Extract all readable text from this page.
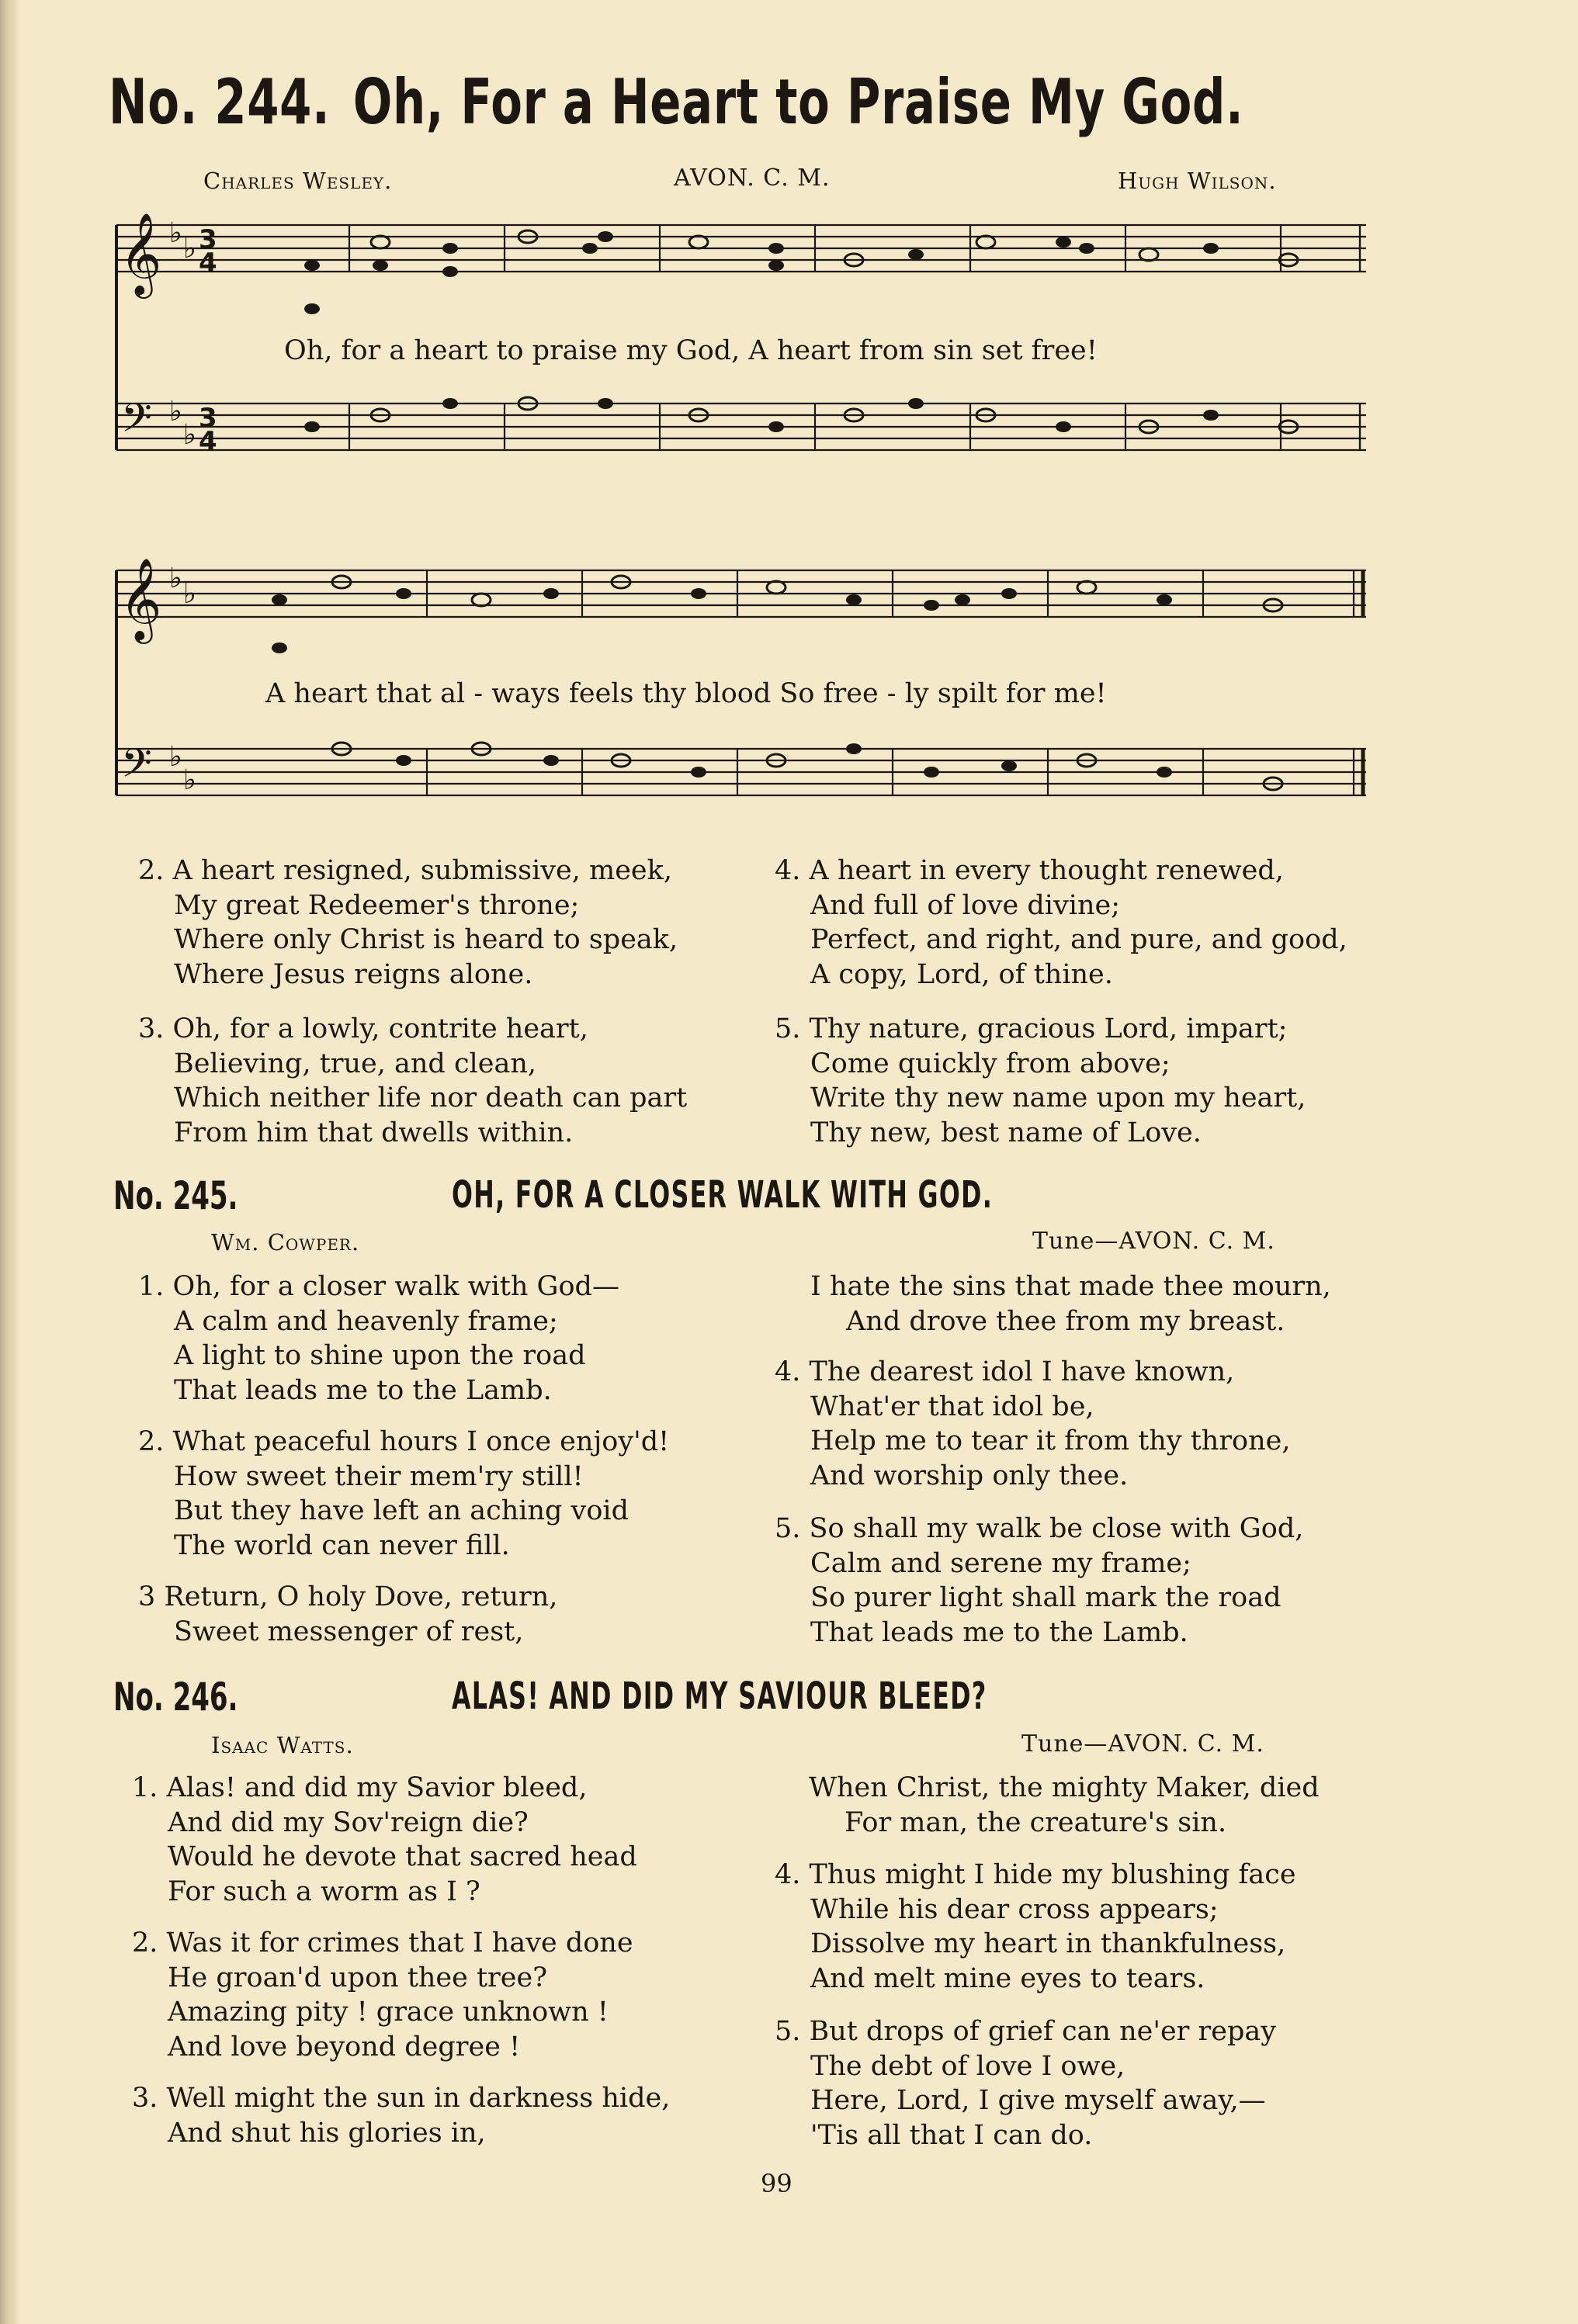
No. 244. Oh, For a Heart to Praise My God.
Charles Wesley.	AVON. C. M.	Hugh Wilson.
𝄞
𝄢
♭ ♭
♭
♭
3
4
3
4
Oh, for a heart to praise my God, A heart from sin set free!
𝄞
𝄢
♭ ♭
♭
♭
A heart that al - ways feels thy blood So free - ly spilt for me!
2. A heart resigned, submissive, meek,
My great Redeemer's throne;
Where only Christ is heard to speak,
Where Jesus reigns alone.
3. Oh, for a lowly, contrite heart,
Believing, true, and clean,
Which neither life nor death can part
From him that dwells within.
4. A heart in every thought renewed,
And full of love divine;
Perfect, and right, and pure, and good,
A copy, Lord, of thine.
5. Thy nature, gracious Lord, impart;
Come quickly from above;
Write thy new name upon my heart,
Thy new, best name of Love.
No. 245.	OH, FOR A CLOSER WALK WITH GOD.
Wm. Cowper.	Tune—AVON. C. M.
1. Oh, for a closer walk with God—
A calm and heavenly frame;
A light to shine upon the road
That leads me to the Lamb.
2. What peaceful hours I once enjoy'd!
How sweet their mem'ry still!
But they have left an aching void
The world can never fill.
3 Return, O holy Dove, return,
Sweet messenger of rest,
I hate the sins that made thee mourn,
And drove thee from my breast.
4. The dearest idol I have known,
What'er that idol be,
Help me to tear it from thy throne,
And worship only thee.
5. So shall my walk be close with God,
Calm and serene my frame;
So purer light shall mark the road
That leads me to the Lamb.
No. 246.	ALAS! AND DID MY SAVIOUR BLEED?
Isaac Watts.	Tune—AVON. C. M.
1. Alas! and did my Savior bleed,
And did my Sov'reign die?
Would he devote that sacred head
For such a worm as I ?
2. Was it for crimes that I have done
He groan'd upon thee tree?
Amazing pity ! grace unknown !
And love beyond degree !
3. Well might the sun in darkness hide,
And shut his glories in,
When Christ, the mighty Maker, died
For man, the creature's sin.
4. Thus might I hide my blushing face
While his dear cross appears;
Dissolve my heart in thankfulness,
And melt mine eyes to tears.
5. But drops of grief can ne'er repay
The debt of love I owe,
Here, Lord, I give myself away,—
'Tis all that I can do.
99
